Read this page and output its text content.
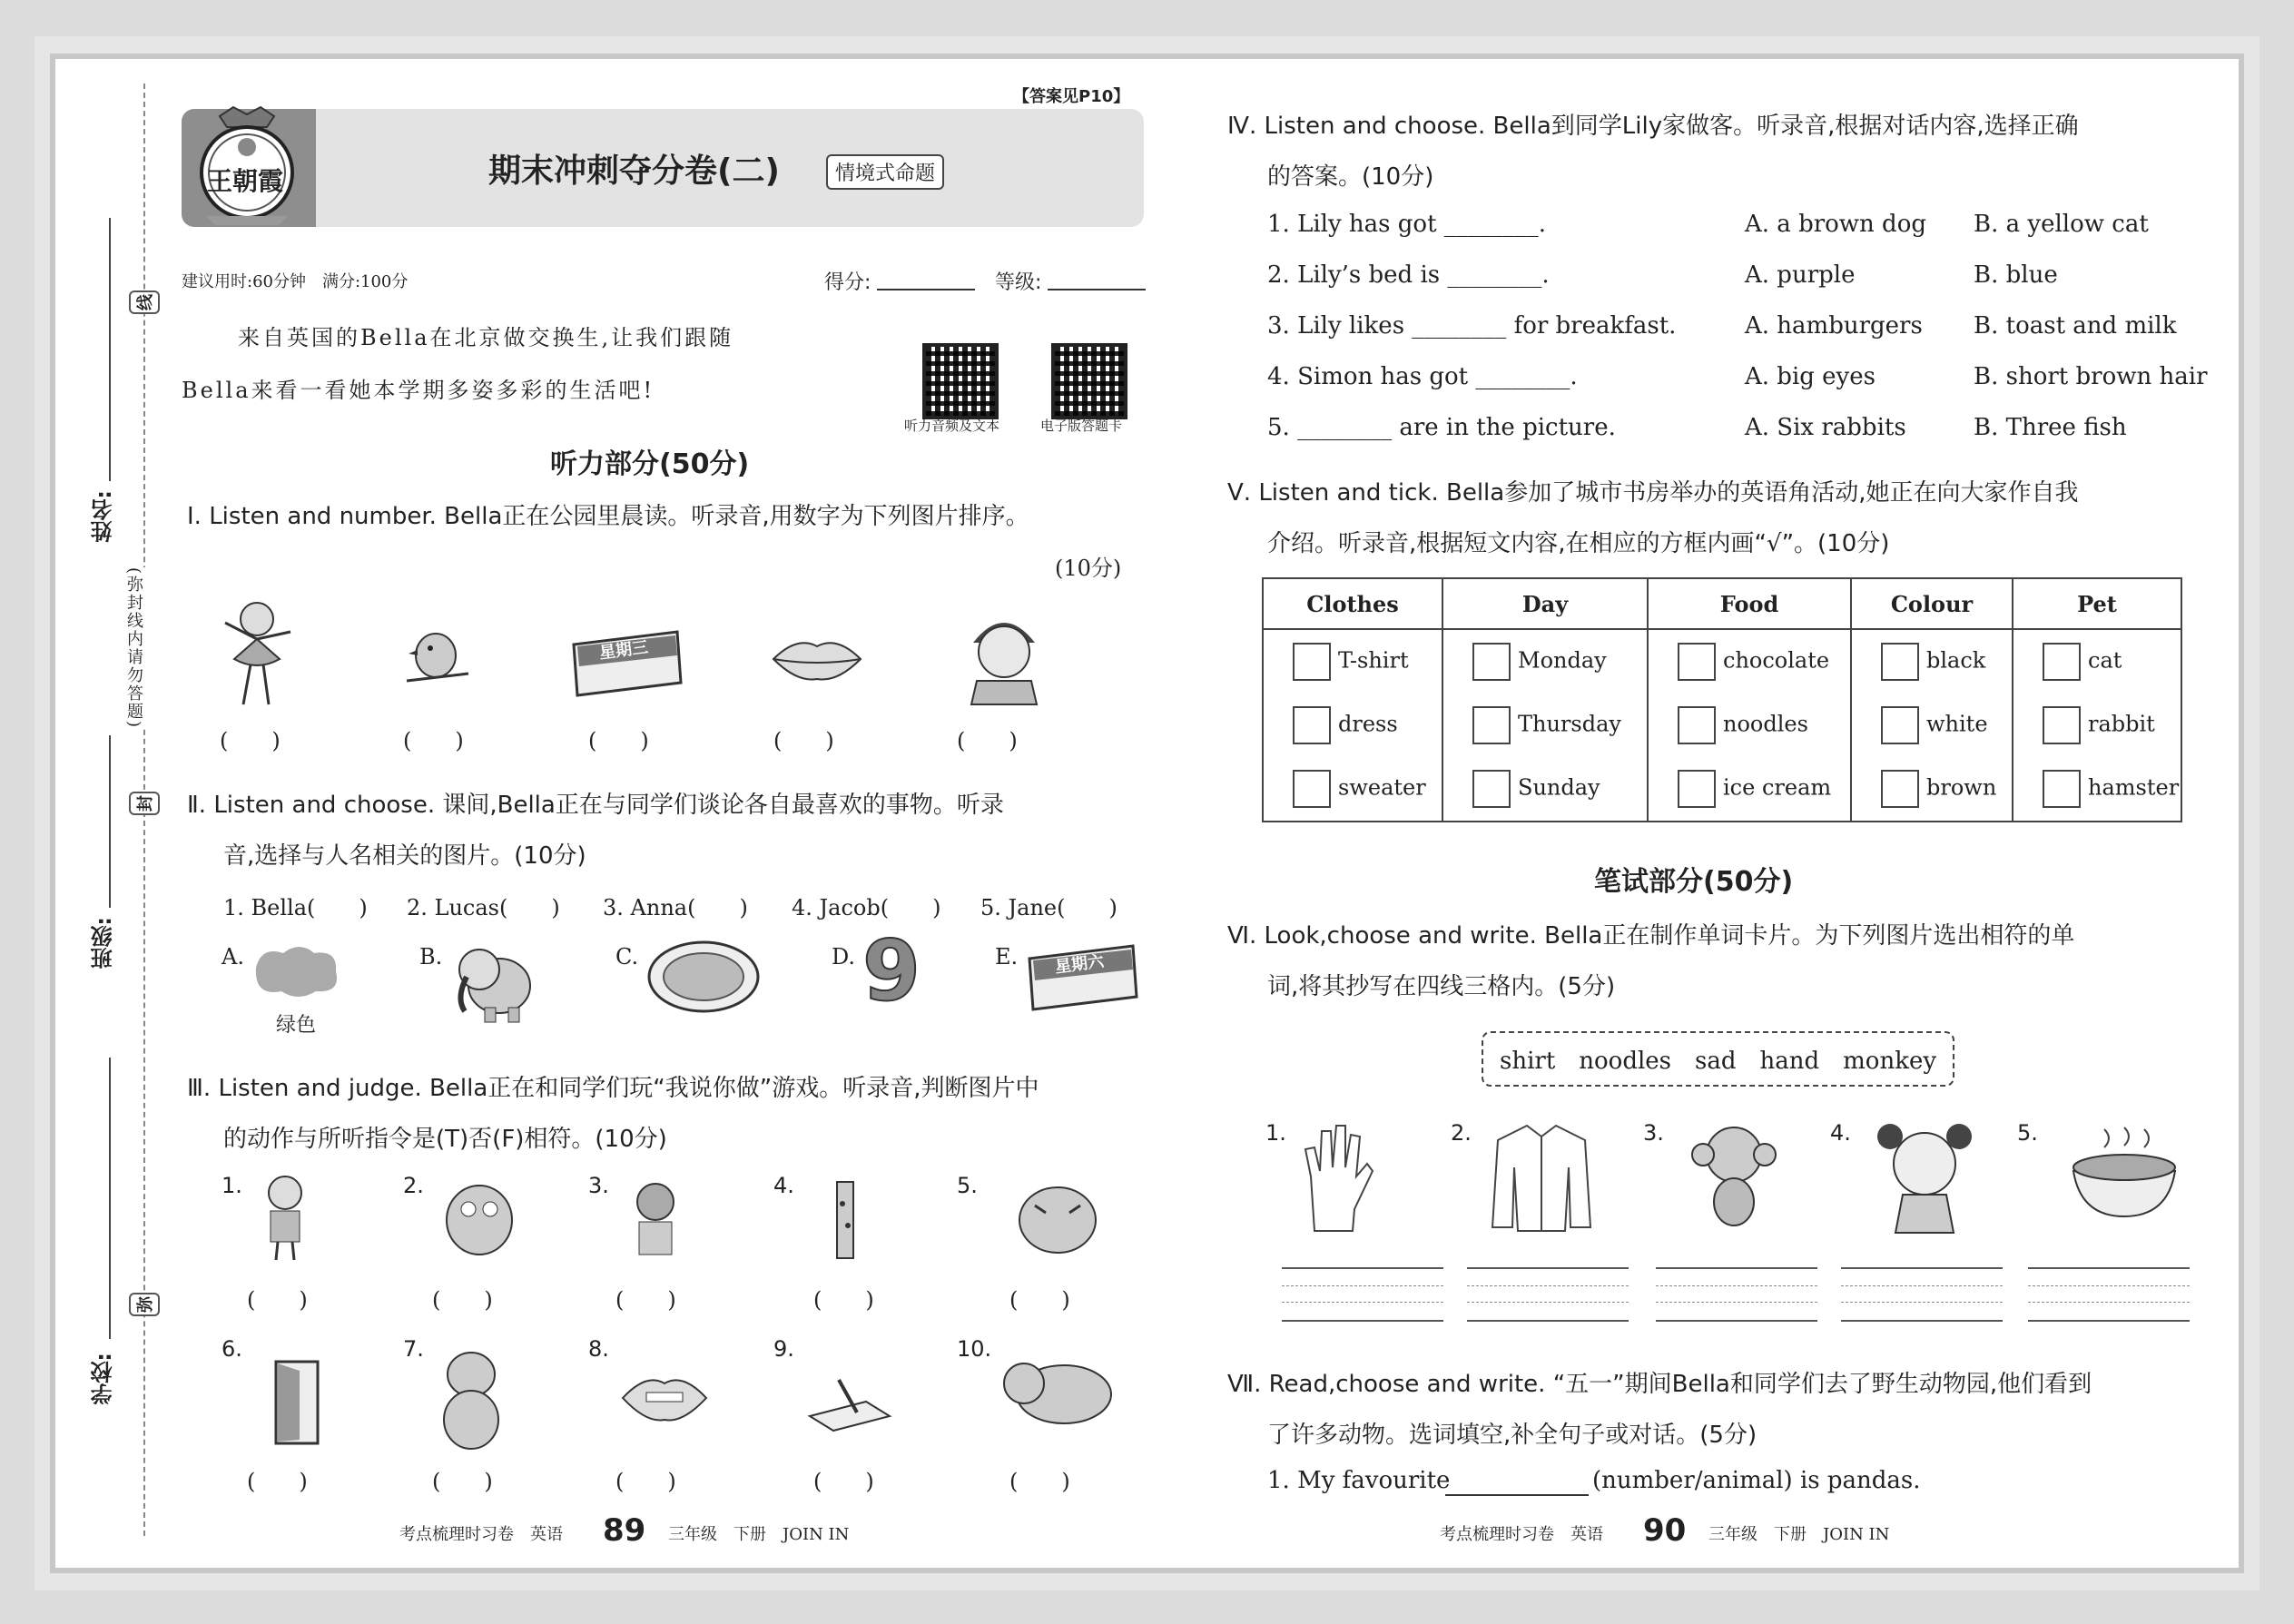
姓名:
班级:
学校:
线
封
弥
(弥封线内请勿答题)
【答案见P10】
王朝霞	期末冲刺夺分卷(二)	情境式命题
建议用时:60分钟　满分:100分	得分:	等级:
来自英国的Bella在北京做交换生,让我们跟随
Bella来看一看她本学期多姿多彩的生活吧!
听力音频及文本	电子版答题卡
听力部分(50分)
Ⅰ. Listen and number. Bella正在公园里晨读。听录音,用数字为下列图片排序。
(10分)
星期三
(　　)	(　　)	(　　)	(　　)	(　　)
Ⅱ. Listen and choose. 课间,Bella正在与同学们谈论各自最喜欢的事物。听录
音,选择与人名相关的图片。(10分)
1. Bella(　　) 2. Lucas(　　) 3. Anna(　　) 4. Jacob(　　) 5. Jane(　　)
A.
绿色
B.	C.	D. 9	E. 星期六
Ⅲ. Listen and judge. Bella正在和同学们玩“我说你做”游戏。听录音,判断图片中
的动作与所听指令是(T)否(F)相符。(10分)
1.	2.	3.	4.	5.
(　　)	(　　)	(　　)	(　　)	(　　)
6.	7.	8.	9.	10.
(　　)	(　　)	(　　)	(　　)	(　　)
考点梳理时习卷　英语 89 三年级　下册　JOIN IN
Ⅳ. Listen and choose. Bella到同学Lily家做客。听录音,根据对话内容,选择正确
的答案。(10分)
1. Lily has got ________.	A. a brown dog B. a yellow cat
2. Lily’s bed is ________.	A. purple	B. blue
3. Lily likes ________ for breakfast.	A. hamburgers B. toast and milk
4. Simon has got ________.	A. big eyes	B. short brown hair
5. ________ are in the picture.	A. Six rabbits	B. Three fish
Ⅴ. Listen and tick. Bella参加了城市书房举办的英语角活动,她正在向大家作自我
介绍。听录音,根据短文内容,在相应的方框内画“√”。(10分)
Clothes	Day	Food	Colour	Pet
T-shirt	Monday	chocolate	black	cat
dress	Thursday	noodles	white	rabbit
sweater	Sunday	ice cream	brown	hamster
笔试部分(50分)
Ⅵ. Look,choose and write. Bella正在制作单词卡片。为下列图片选出相符的单
词,将其抄写在四线三格内。(5分)
shirt　noodles　sad　hand　monkey
1.	2.	3.	4.	5.
Ⅶ. Read,choose and write. “五一”期间Bella和同学们去了野生动物园,他们看到
了许多动物。选词填空,补全句子或对话。(5分)
1. My favourite	(number/animal) is pandas.
考点梳理时习卷　英语 90 三年级　下册　JOIN IN
